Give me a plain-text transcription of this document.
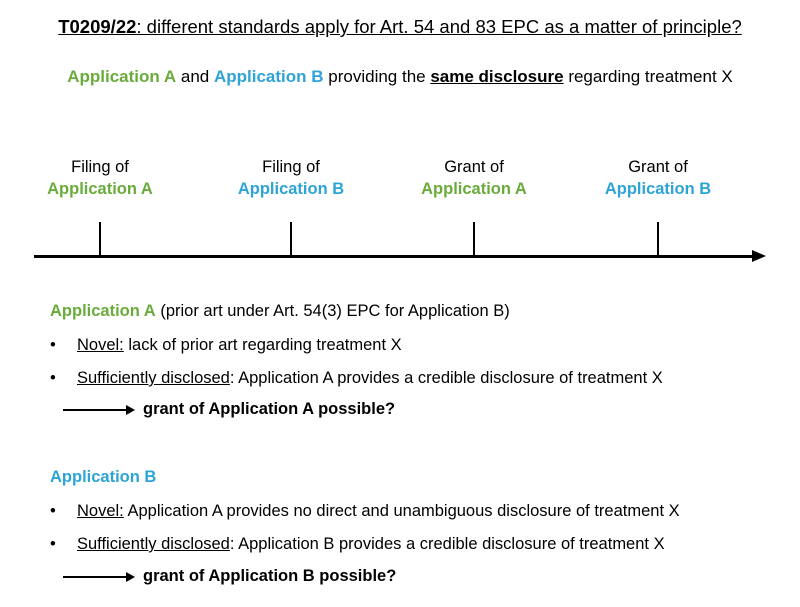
T0209/22: different standards apply for Art. 54 and 83 EPC as a matter of principle?
Application A and Application B providing the same disclosure regarding treatment X
Filing of
Application A
Filing of
Application B
Grant of
Application A
Grant of
Application B
Application A (prior art under Art. 54(3) EPC for Application B)
• Novel: lack of prior art regarding treatment X
• Sufficiently disclosed: Application A provides a credible disclosure of treatment X
grant of Application A possible?
Application B
• Novel: Application A provides no direct and unambiguous disclosure of treatment X
• Sufficiently disclosed: Application B provides a credible disclosure of treatment X
grant of Application B possible?
